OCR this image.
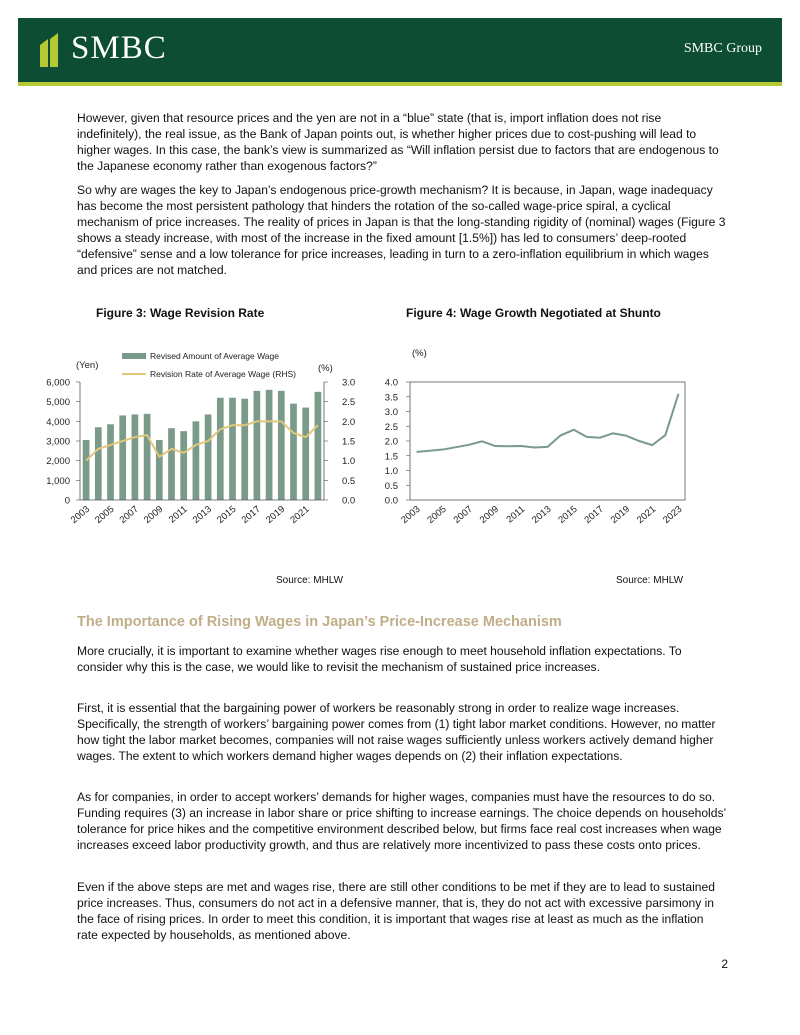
SMBC	SMBC Group

However, given that resource prices and the yen are not in a “blue” state (that is, import inflation does not rise indefinitely), the real issue, as the Bank of Japan points out, is whether higher prices due to cost-pushing will lead to higher wages. In this case, the bank’s view is summarized as “Will inflation persist due to factors that are endogenous to the Japanese economy rather than exogenous factors?”

So why are wages the key to Japan’s endogenous price-growth mechanism? It is because, in Japan, wage inadequacy has become the most persistent pathology that hinders the rotation of the so-called wage-price spiral, a cyclical mechanism of price increases. The reality of prices in Japan is that the long-standing rigidity of (nominal) wages (Figure 3 shows a steady increase, with most of the increase in the fixed amount [1.5%]) has led to consumers’ deep-rooted “defensive” sense and a low tolerance for price increases, leading in turn to a zero-inflation equilibrium in which wages and prices are not matched.

Figure 3: Wage Revision Rate	Figure 4: Wage Growth Negotiated at Shunto
Revised Amount of Average Wage
Revision Rate of Average Wage (RHS)
(Yen)	(%)
0
1,000
2,000
3,000
4,000
5,000
6,000
0.0
0.5
1.0
1.5
2.0
2.5
3.0
2003 2005 2007 2009 2011 2013 2015 2017 2019 2021
(%)
0.0
0.5
1.0
1.5
2.0
2.5
3.0
3.5
4.0
2003 2005 2007 2009 2011 2013 2015 2017 2019 2021 2023
Source: MHLW	Source: MHLW
The Importance of Rising Wages in Japan’s Price-Increase Mechanism

More crucially, it is important to examine whether wages rise enough to meet household inflation expectations. To consider why this is the case, we would like to revisit the mechanism of sustained price increases.

First, it is essential that the bargaining power of workers be reasonably strong in order to realize wage increases. Specifically, the strength of workers’ bargaining power comes from (1) tight labor market conditions. However, no matter how tight the labor market becomes, companies will not raise wages sufficiently unless workers actively demand higher wages. The extent to which workers demand higher wages depends on (2) their inflation expectations.

As for companies, in order to accept workers’ demands for higher wages, companies must have the resources to do so. Funding requires (3) an increase in labor share or price shifting to increase earnings. The choice depends on households’ tolerance for price hikes and the competitive environment described below, but firms face real cost increases when wage increases exceed labor productivity growth, and thus are relatively more incentivized to pass these costs onto prices.

Even if the above steps are met and wages rise, there are still other conditions to be met if they are to lead to sustained price increases. Thus, consumers do not act in a defensive manner, that is, they do not act with excessive parsimony in the face of rising prices. In order to meet this condition, it is important that wages rise at least as much as the inflation rate expected by households, as mentioned above.

2
